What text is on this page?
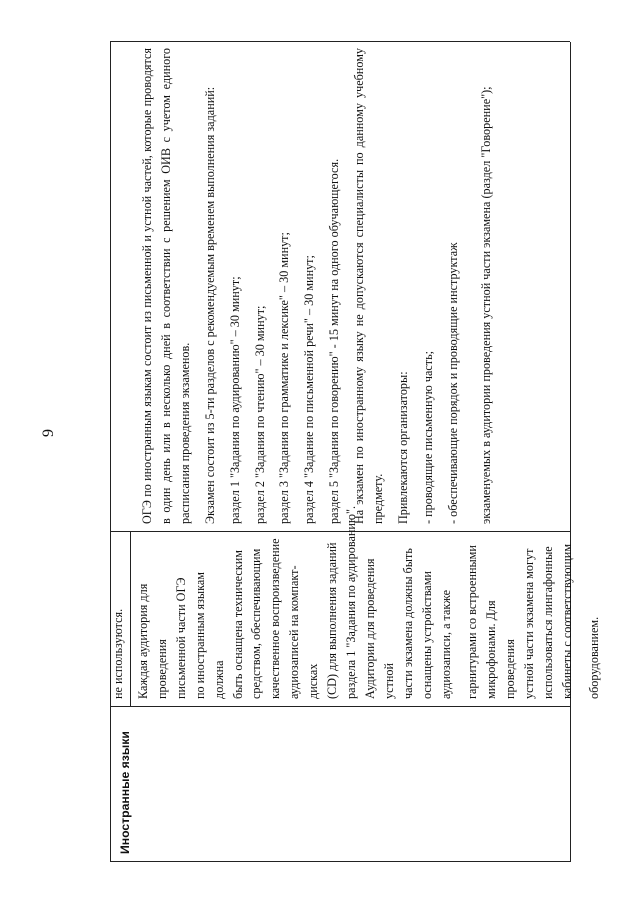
9
не используются.
Иностранные языки

Каждая аудитория для проведения письменной части ОГЭ по иностранным языкам должна быть оснащена техническим средством, обеспечивающим качественное воспроизведение аудиозаписей на компакт-дисках (CD) для выполнения заданий раздела 1 "Задания по аудированию". Аудитории для проведения устной части экзамена должны быть оснащены устройствами аудиозаписи, а также гарнитурами со встроенными микрофонами. Для проведения устной части экзамена могут использоваться лингафонные кабинеты с соответствующим оборудованием.

ОГЭ по иностранным языкам состоит из письменной и устной частей, которые проводятся в один день или в несколько дней в соответствии с решением ОИВ с учетом единого расписания проведения экзаменов. Экзамен состоит из 5-ти разделов с рекомендуемым временем выполнения заданий: раздел 1 "Задания по аудированию" – 30 минут; раздел 2 "Задания по чтению" – 30 минут; раздел 3 "Задания по грамматике и лексике" – 30 минут; раздел 4 "Задание по письменной речи" – 30 минут; раздел 5 "Задания по говорению" - 15 минут на одного обучающегося. На экзамен по иностранному языку не допускаются специалисты по данному учебному предмету. Привлекаются организаторы: - проводящие письменную часть; - обеспечивающие порядок и проводящие инструктаж экзаменуемых в аудитории проведения устной части экзамена (раздел "Говорение");
